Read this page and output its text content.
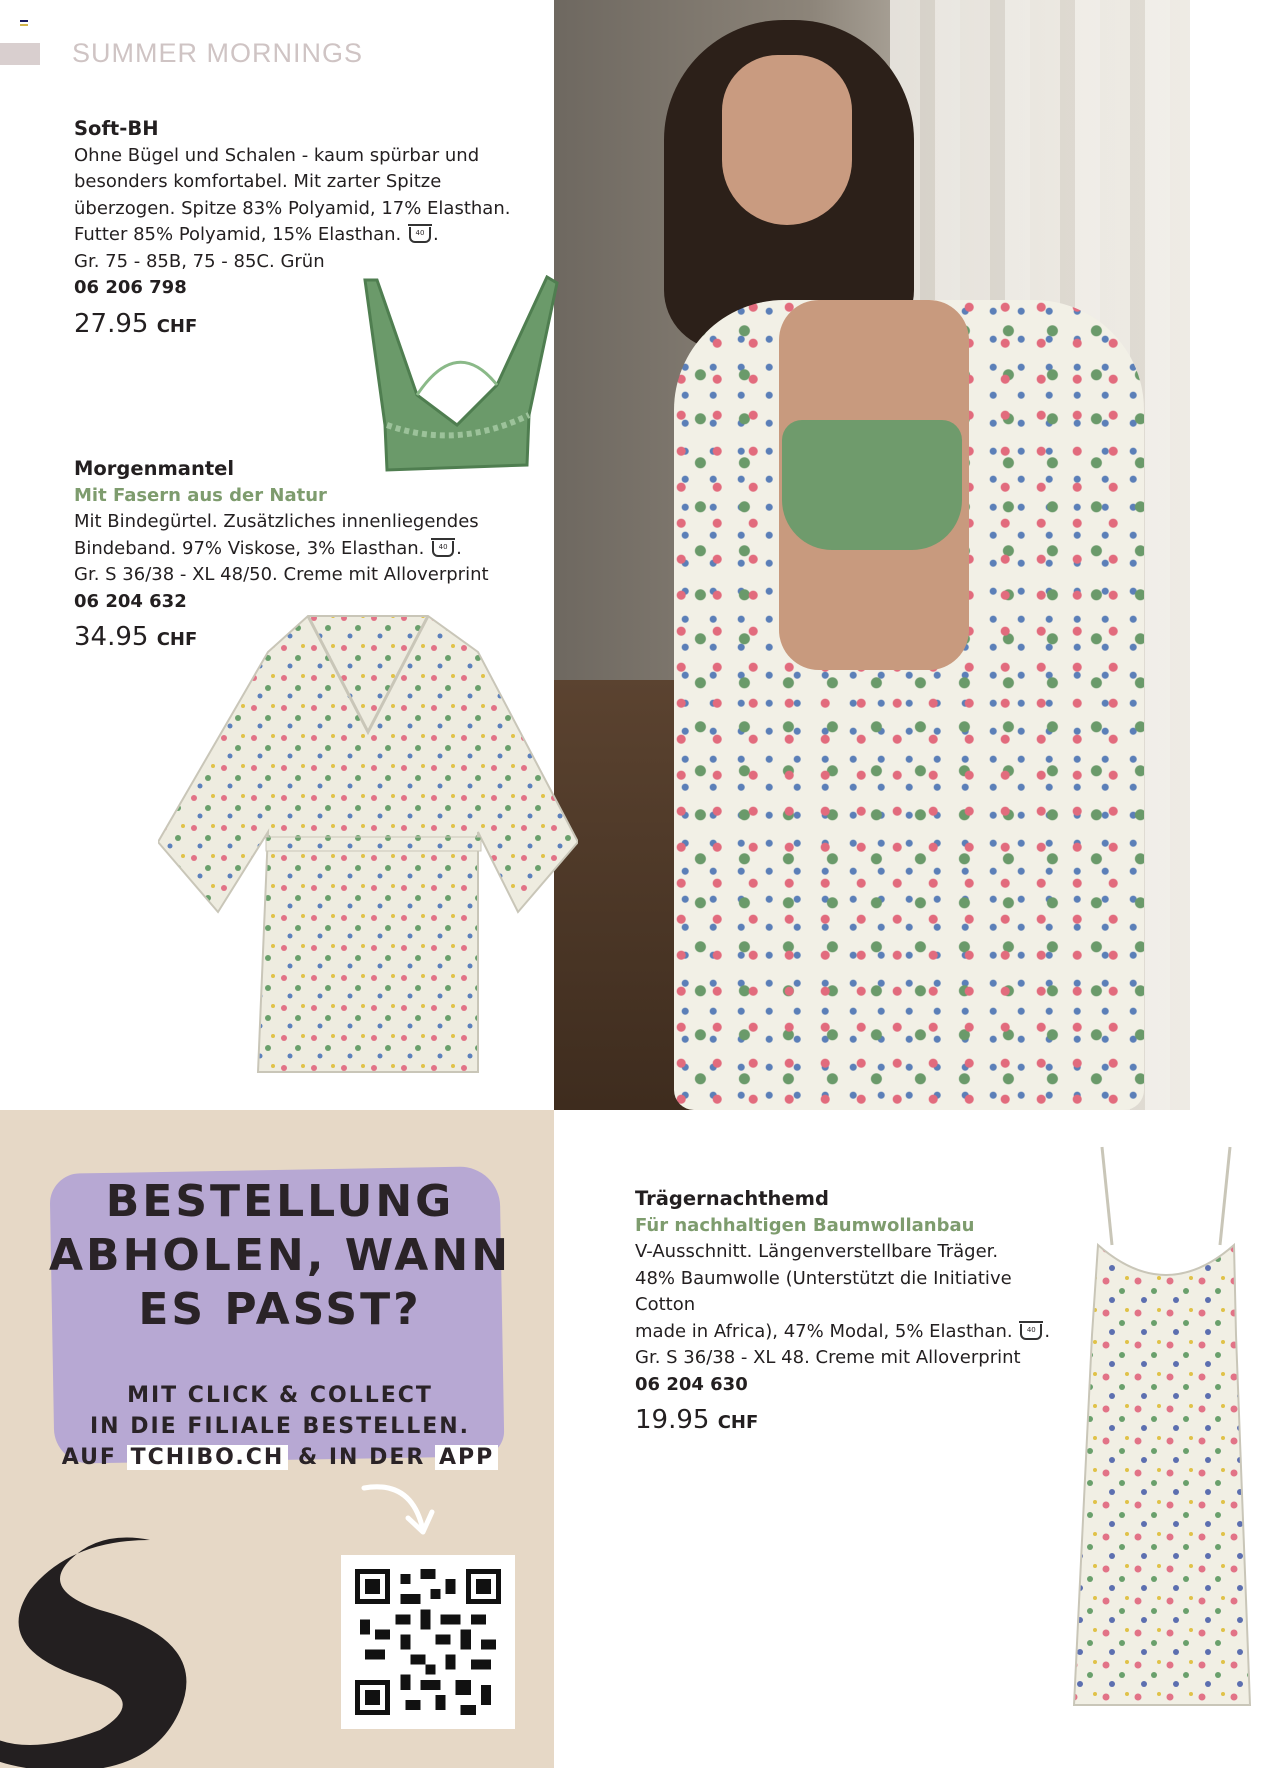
SUMMER MORNINGS
Soft-BH
Ohne Bügel und Schalen - kaum spürbar und
besonders komfortabel. Mit zarter Spitze
überzogen. Spitze 83% Polyamid, 17% Elasthan.
Futter 85% Polyamid, 15% Elasthan. 40 .
Gr. 75 - 85B, 75 - 85C. Grün
06 206 798
27.95 CHF
Morgenmantel
Mit Fasern aus der Natur
Mit Bindegürtel. Zusätzliches innenliegendes
Bindeband. 97% Viskose, 3% Elasthan. 40 .
Gr. S 36/38 - XL 48/50. Creme mit Alloverprint
06 204 632
34.95 CHF
Trägernachthemd
Für nachhaltigen Baumwollanbau
V-Ausschnitt. Längenverstellbare Träger.
48% Baumwolle (Unterstützt die Initiative Cotton
made in Africa), 47% Modal, 5% Elasthan. 40 .
Gr. S 36/38 - XL 48. Creme mit Alloverprint
06 204 630
19.95 CHF
BESTELLUNG
ABHOLEN, WANN
ES PASST?
MIT CLICK & COLLECT
IN DIE FILIALE BESTELLEN.
AUF TCHIBO.CH & IN DER APP
